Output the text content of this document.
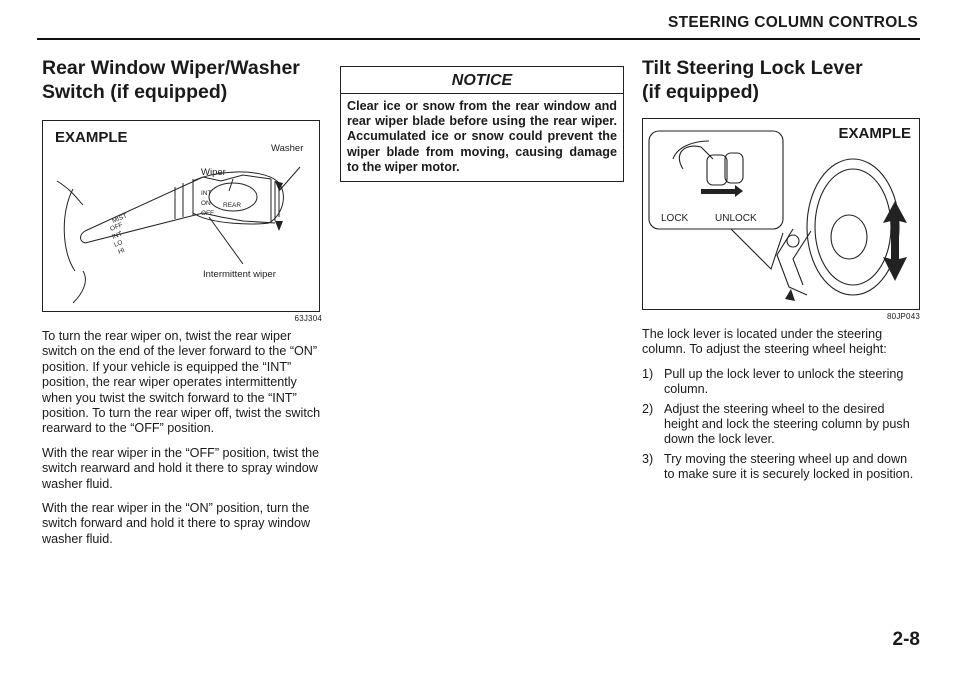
STEERING COLUMN CONTROLS
Rear Window Wiper/Washer
Switch (if equipped)
EXAMPLE
MIST
OFF
INT
LO
HI
INT
ON
OFF
REAR
Washer
Wiper
Intermittent wiper
63J304

To turn the rear wiper on, twist the rear wiper switch on the end of the lever forward to the “ON” position. If your vehicle is equipped the “INT” position, the rear wiper operates intermittently when you twist the switch forward to the “INT” position. To turn the rear wiper off, twist the switch rearward to the “OFF” position.

With the rear wiper in the “OFF” position, twist the switch rearward and hold it there to spray window washer fluid.

With the rear wiper in the “ON” position, turn the switch forward and hold it there to spray window washer fluid.

NOTICE
Clear ice or snow from the rear window and rear wiper blade before using the rear wiper. Accumulated ice or snow could prevent the wiper blade from moving, causing damage to the wiper motor.
Tilt Steering Lock Lever
(if equipped)
EXAMPLE
LOCK	UNLOCK
80JP043

The lock lever is located under the steering column. To adjust the steering wheel height:

1) Pull up the lock lever to unlock the steering column.
2) Adjust the steering wheel to the desired height and lock the steering column by push down the lock lever.
3) Try moving the steering wheel up and down to make sure it is securely locked in position.
2-8
